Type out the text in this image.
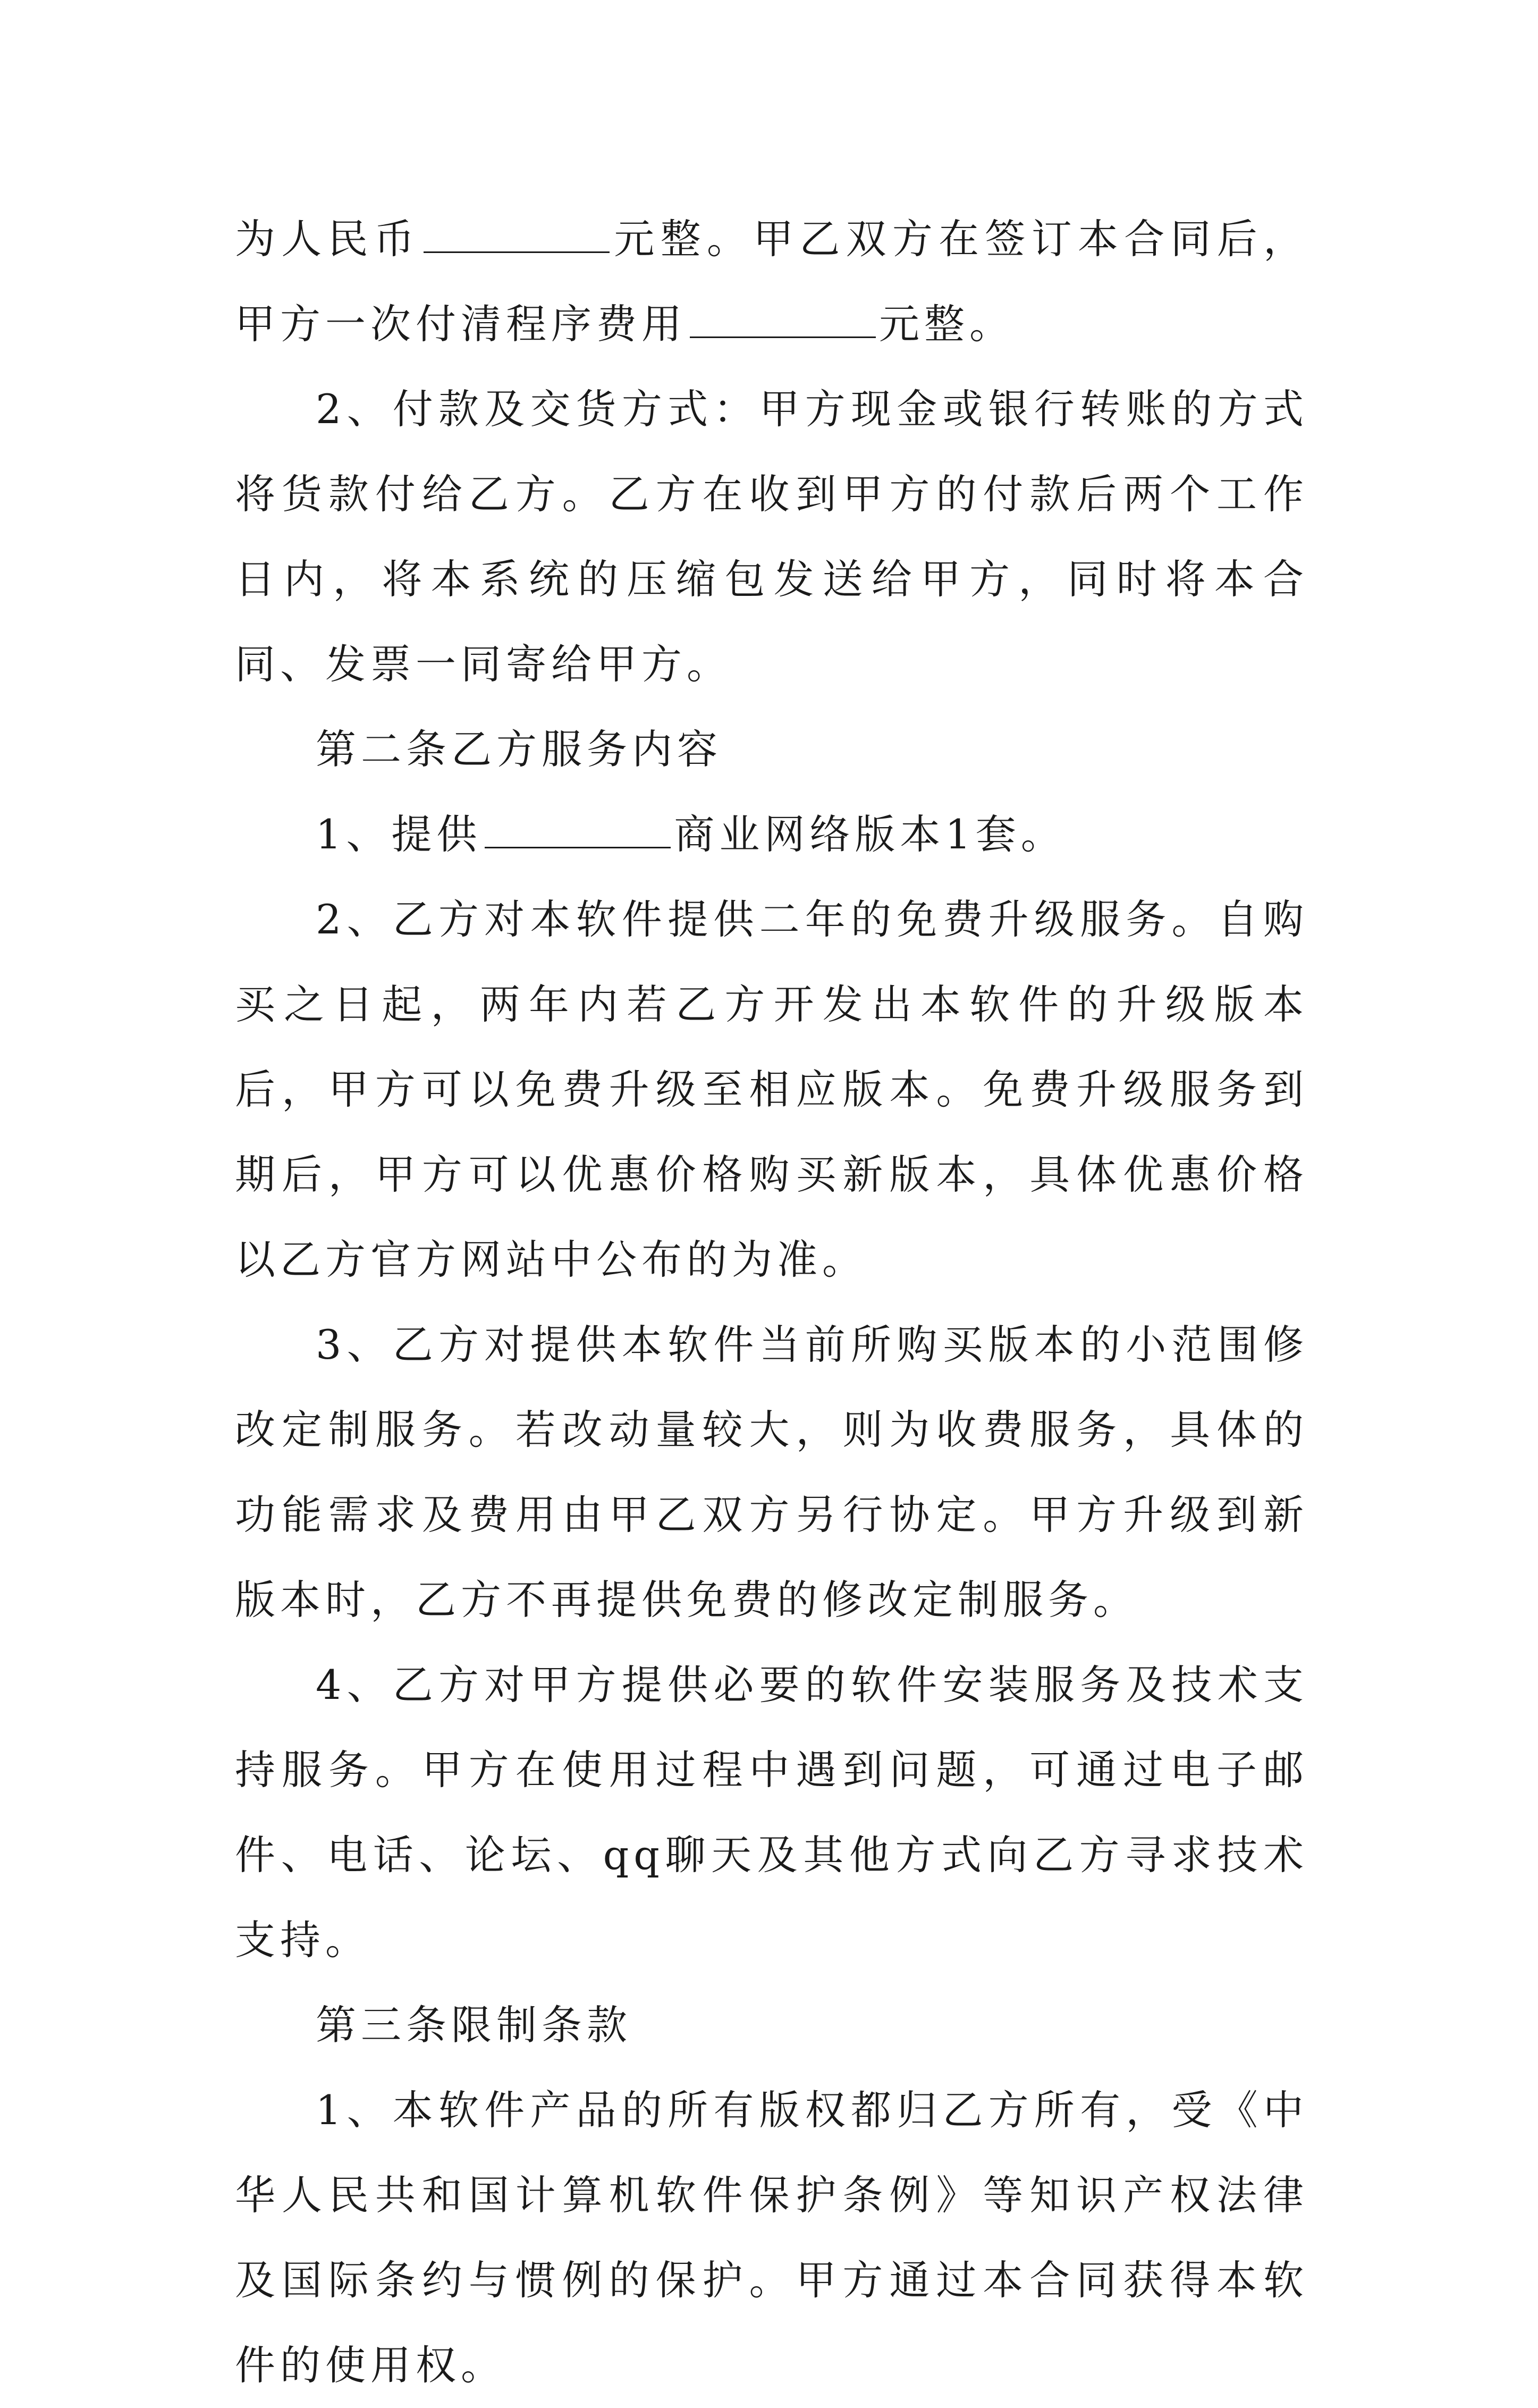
为人民币	元整。甲乙双方在签订本合同后，甲方一次付清程序费用	元整。

2、付款及交货方式：甲方现金或银行转账的方式将货款付给乙方。乙方在收到甲方的付款后两个工作日内，将本系统的压缩包发送给甲方，同时将本合同、发票一同寄给甲方。

第二条乙方服务内容

1、提供	商业网络版本1套。

2、乙方对本软件提供二年的免费升级服务。自购买之日起，两年内若乙方开发出本软件的升级版本后，甲方可以免费升级至相应版本。免费升级服务到期后，甲方可以优惠价格购买新版本，具体优惠价格以乙方官方网站中公布的为准。

3、乙方对提供本软件当前所购买版本的小范围修改定制服务。若改动量较大，则为收费服务，具体的功能需求及费用由甲乙双方另行协定。甲方升级到新版本时，乙方不再提供免费的修改定制服务。

4、乙方对甲方提供必要的软件安装服务及技术支持服务。甲方在使用过程中遇到问题，可通过电子邮件、电话、论坛、qq聊天及其他方式向乙方寻求技术支持。

第三条限制条款

1、本软件产品的所有版权都归乙方所有，受《中华人民共和国计算机软件保护条例》等知识产权法律及国际条约与惯例的保护。甲方通过本合同获得本软件的使用权。
